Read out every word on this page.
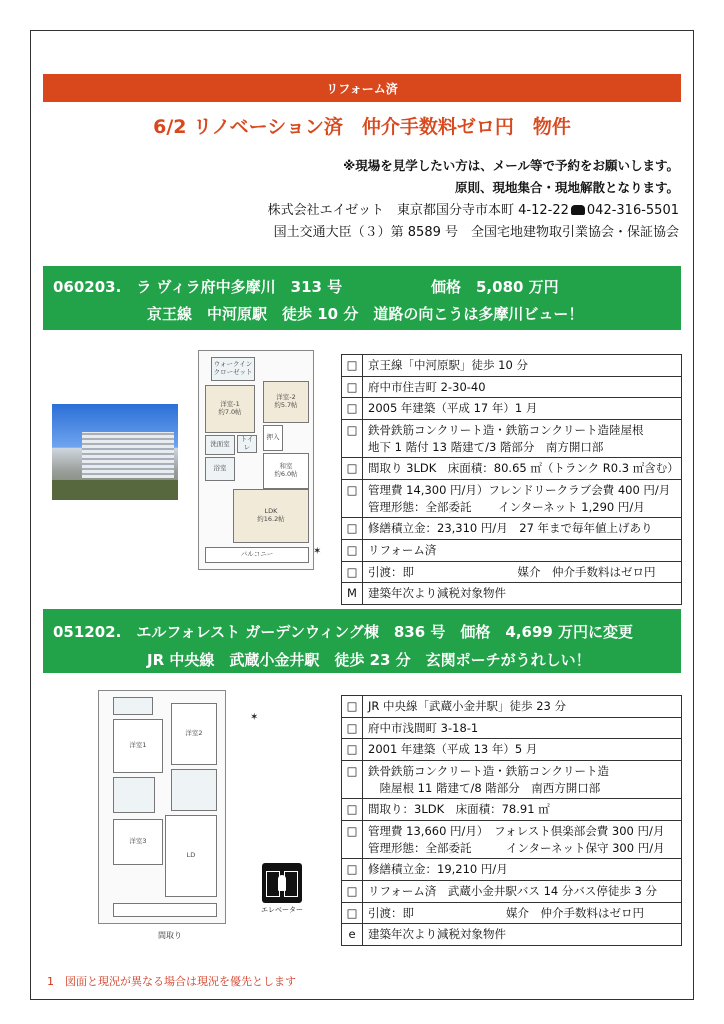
リフォーム済
6/2 リノベーション済　仲介手数料ゼロ円　物件
※現場を見学したい方は、メール等で予約をお願いします。
原則、現地集合・現地解散となります。
株式会社エイゼット　東京都国分寺市本町 4-12-22 042-316-5501
国土交通大臣（３）第 8589 号　全国宅地建物取引業協会・保証協会
060203.　ラ ヴィラ府中多摩川　313 号	価格　5,080 万円
京王線　中河原駅　徒歩 10 分　道路の向こうは多摩川ビュー！
ウォークイン
クローゼット
洋室-1
約7.0帖
洋室-2
約5.7帖
洗面室
浴室
トイレ
押入
和室
約6.0帖
LDK
約16.2帖
バルコニー	✶
□	京王線「中河原駅」徒歩 10 分

□	府中市住吉町 2-30-40

□	2005 年建築（平成 17 年）1 月

□	鉄骨鉄筋コンクリート造・鉄筋コンクリート造陸屋根
地下 1 階付 13 階建て/3 階部分　南方開口部

□	間取り 3LDK　床面積：80.65 ㎡（トランク R0.3 ㎡含む）

□	管理費 14,300 円/月）フレンドリークラブ会費 400 円/月
管理形態：全部委託　　 インターネット 1,290 円/月

□	修繕積立金：23,310 円/月　27 年まで毎年値上げあり

□	リフォーム済

□	引渡：即　　　　　　　　　媒介　仲介手数料はゼロ円

M	建築年次より減税対象物件
051202.　エルフォレスト ガーデンウィング棟　836 号　価格　4,699 万円に変更
JR 中央線　武蔵小金井駅　徒歩 23 分　玄関ポーチがうれしい！
洋室1
洋室2
洋室3
LD
✶
エレベーター
間取り
□	JR 中央線「武蔵小金井駅」徒歩 23 分

□	府中市浅間町 3-18-1

□	2001 年建築（平成 13 年）5 月

□	鉄骨鉄筋コンクリート造・鉄筋コンクリート造
　陸屋根 11 階建て/8 階部分　南西方開口部

□	間取り：3LDK　床面積：78.91 ㎡

□	管理費 13,660 円/月）　フォレスト倶楽部会費 300 円/月
管理形態：全部委託　　　インターネット保守 300 円/月

□	修繕積立金：19,210 円/月

□	リフォーム済　武蔵小金井駅バス 14 分バス停徒歩 3 分

□	引渡：即　　　　　　　　媒介　仲介手数料はゼロ円

e	建築年次より減税対象物件
1　図面と現況が異なる場合は現況を優先とします
